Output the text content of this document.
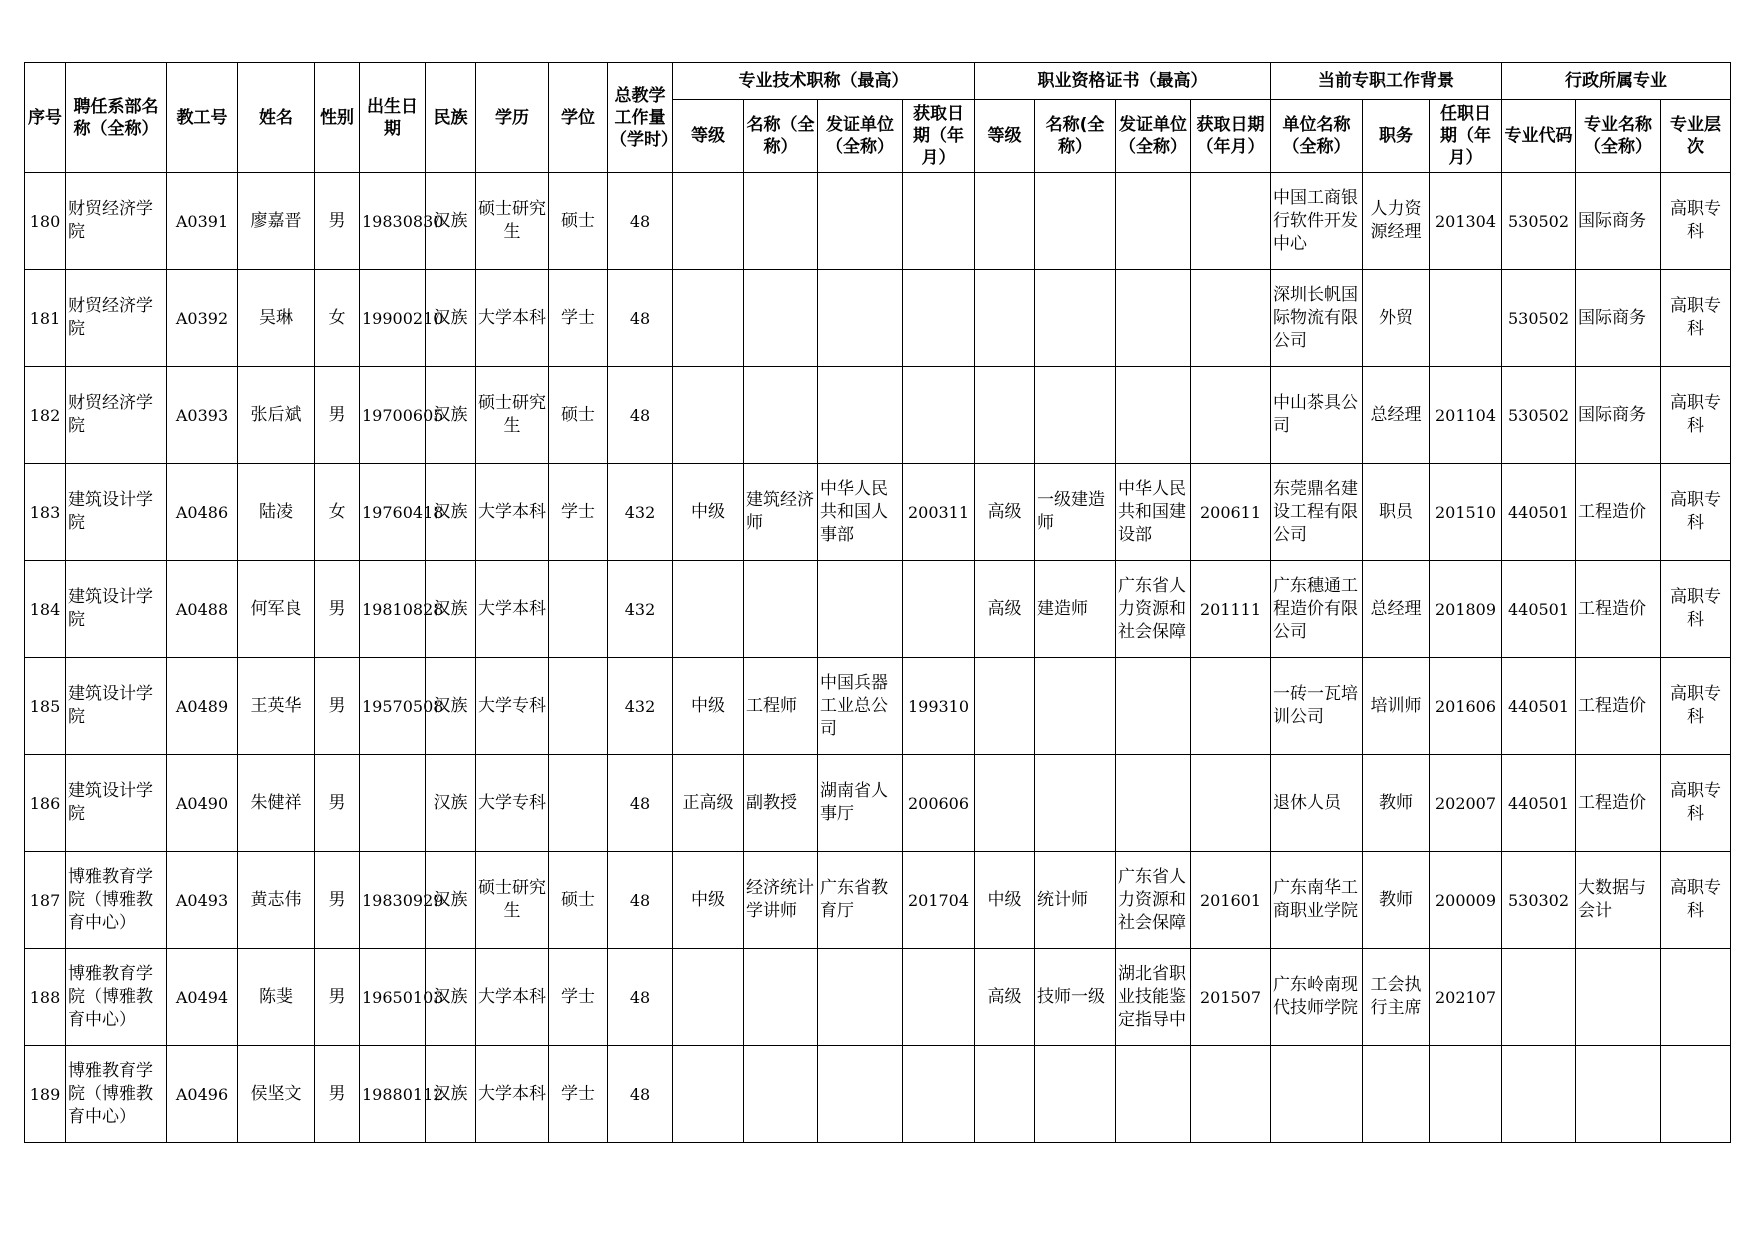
序号	聘任系部名称（全称）	教工号	姓名	性别	出生日期	民族	学历	学位	总教学工作量（学时）	专业技术职称（最高）				职业资格证书（最高）				当前专职工作背景			行政所属专业		
										等级	名称（全称）	发证单位（全称）	获取日期（年月）	等级	名称(全称）	发证单位（全称）	获取日期（年月）	单位名称（全称）	职务	任职日期（年月）	专业代码	专业名称（全称）	专业层次
180	财贸经济学院	A0391	廖嘉晋	男	19830830	汉族	硕士研究生	硕士	48									中国工商银行软件开发中心	人力资源经理	201304	530502	国际商务	高职专科
181	财贸经济学院	A0392	吴琳	女	19900210	汉族	大学本科	学士	48									深圳长帆国际物流有限公司	外贸		530502	国际商务	高职专科
182	财贸经济学院	A0393	张后斌	男	19700605	汉族	硕士研究生	硕士	48									中山茶具公司	总经理	201104	530502	国际商务	高职专科
183	建筑设计学院	A0486	陆凌	女	19760418	汉族	大学本科	学士	432	中级	建筑经济师	中华人民共和国人事部	200311	高级	一级建造师	中华人民共和国建设部	200611	东莞鼎名建设工程有限公司	职员	201510	440501	工程造价	高职专科
184	建筑设计学院	A0488	何军良	男	19810828	汉族	大学本科		432					高级	建造师	广东省人力资源和社会保障	201111	广东穗通工程造价有限公司	总经理	201809	440501	工程造价	高职专科
185	建筑设计学院	A0489	王英华	男	19570508	汉族	大学专科		432	中级	工程师	中国兵器工业总公司	199310					一砖一瓦培训公司	培训师	201606	440501	工程造价	高职专科
186	建筑设计学院	A0490	朱健祥	男		汉族	大学专科		48	正高级	副教授	湖南省人事厅	200606					退休人员	教师	202007	440501	工程造价	高职专科
187	博雅教育学院（博雅教育中心）	A0493	黄志伟	男	19830929	汉族	硕士研究生	硕士	48	中级	经济统计学讲师	广东省教育厅	201704	中级	统计师	广东省人力资源和社会保障	201601	广东南华工商职业学院	教师	200009	530302	大数据与会计	高职专科
188	博雅教育学院（博雅教育中心）	A0494	陈斐	男	19650103	汉族	大学本科	学士	48					高级	技师一级	湖北省职业技能鉴定指导中	201507	广东岭南现代技师学院	工会执行主席	202107			
189	博雅教育学院（博雅教育中心）	A0496	侯坚文	男	19880112	汉族	大学本科	学士	48														
